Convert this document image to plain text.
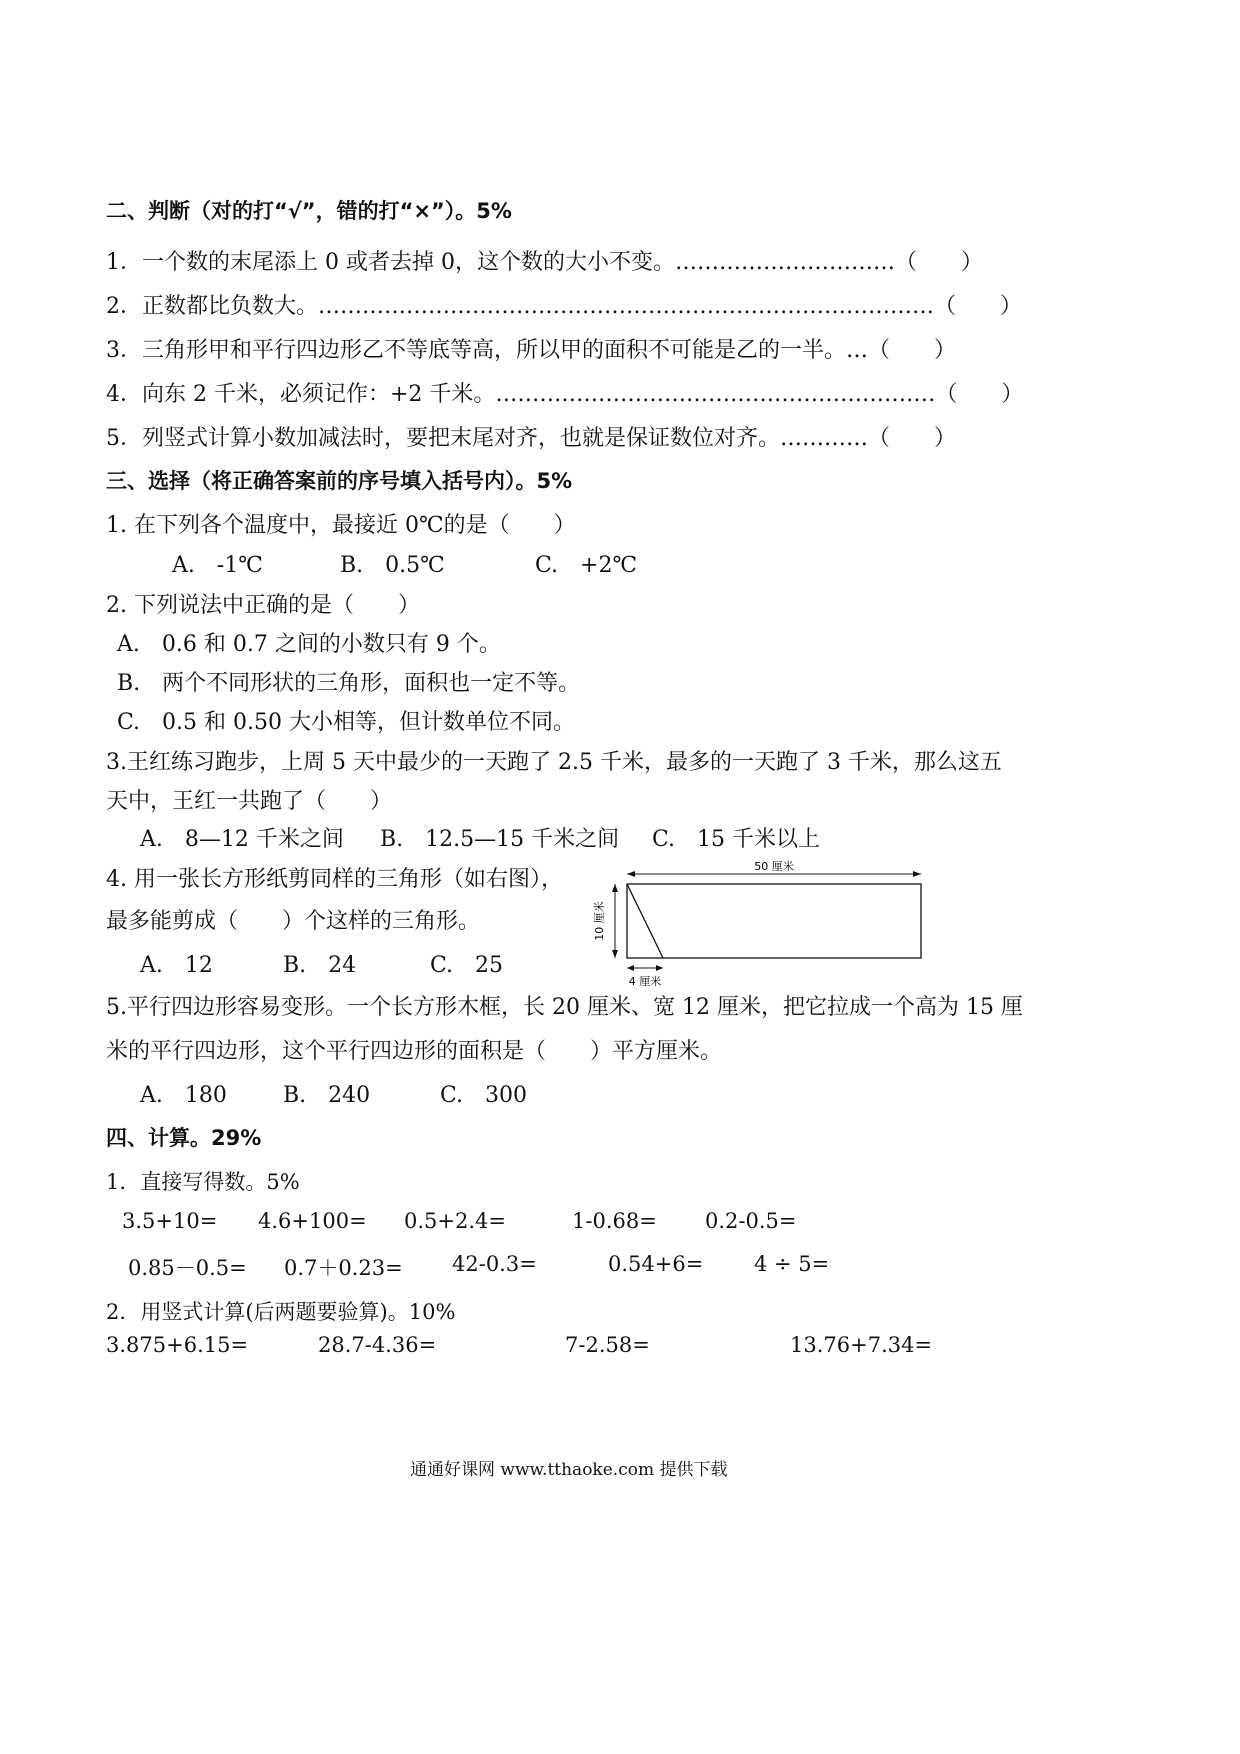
二、判断（对的打“√”，错的打“×”）。5%
1．一个数的末尾添上 0 或者去掉 0，这个数的大小不变。…………………………（　　）
2．正数都比负数大。…………………………………………………………………………（　　）
3．三角形甲和平行四边形乙不等底等高，所以甲的面积不可能是乙的一半。…（　　）
4．向东 2 千米，必须记作：+2 千米。……………………………………………………（　　）
5．列竖式计算小数加减法时，要把末尾对齐，也就是保证数位对齐。…………（　　）
三、选择（将正确答案前的序号填入括号内）。5%
1. 在下列各个温度中，最接近 0℃的是（　　）
A.　-1℃	B.　0.5℃	C.　+2℃
2. 下列说法中正确的是（　　）
A.　0.6 和 0.7 之间的小数只有 9 个。
B.　两个不同形状的三角形，面积也一定不等。
C.　0.5 和 0.50 大小相等，但计数单位不同。
3.王红练习跑步，上周 5 天中最少的一天跑了 2.5 千米，最多的一天跑了 3 千米，那么这五
天中，王红一共跑了（　　）
A.　8—12 千米之间 B.　12.5—15 千米之间 C.　15 千米以上
4. 用一张长方形纸剪同样的三角形（如右图），
最多能剪成（　　）个这样的三角形。
A.　12	B.　24	C.　25
50 厘米
10 厘米
4 厘米
5.平行四边形容易变形。一个长方形木框，长 20 厘米、宽 12 厘米，把它拉成一个高为 15 厘
米的平行四边形，这个平行四边形的面积是（　　）平方厘米。
A.　180	B.　240	C.　300
四、计算。29%
1．直接写得数。5%
3.5+10= 4.6+100= 0.5+2.4=	1-0.68= 0.2-0.5=
0.85－0.5= 0.7＋0.23= 42-0.3=	0.54+6= 4 ÷ 5=
2．用竖式计算(后两题要验算)。10%
3.875+6.15=	28.7-4.36=	7-2.58=	13.76+7.34=
通通好课网 www.tthaoke.com 提供下载
